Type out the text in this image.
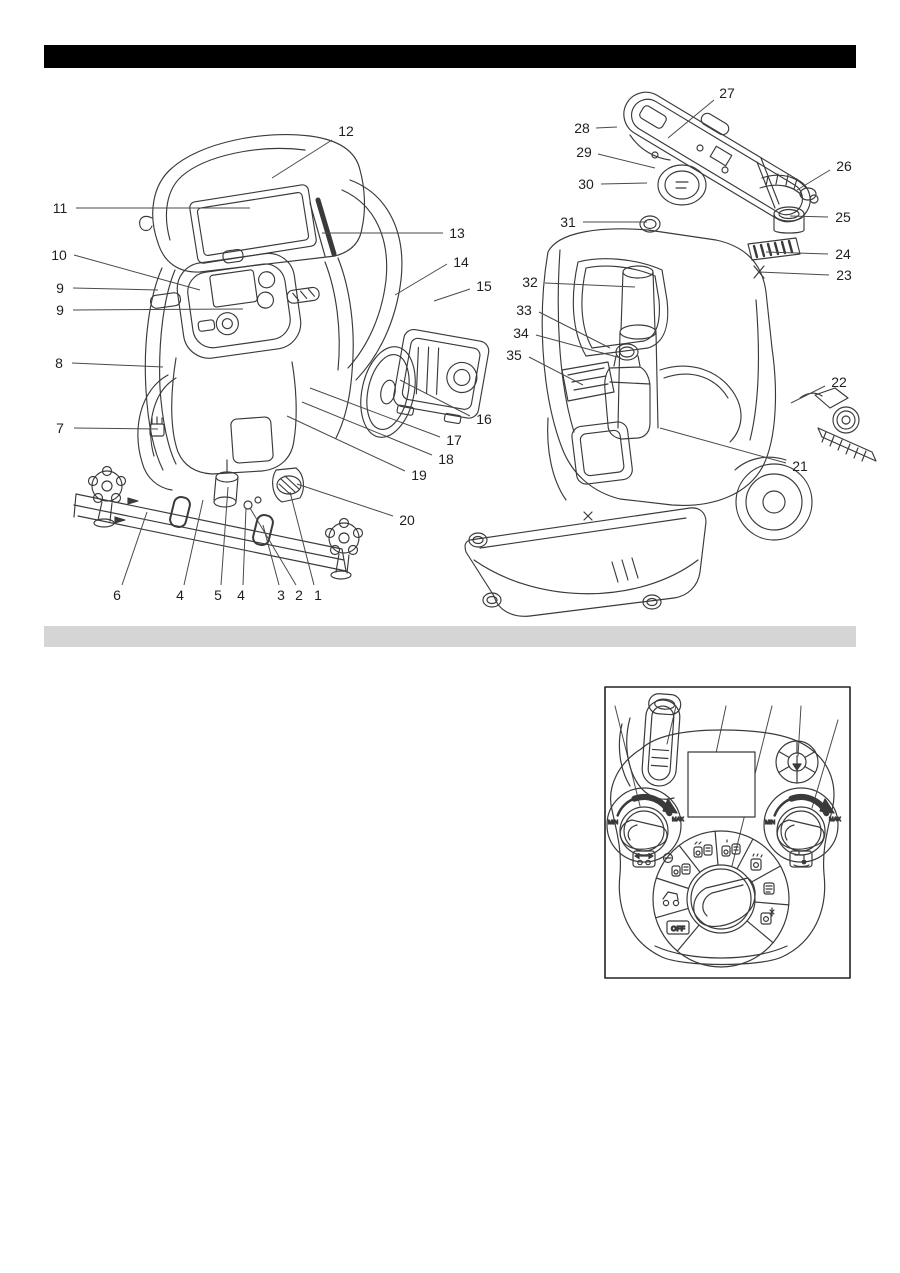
12
11
13
10	14
15
9
9
8
16
7
17
18
19
20
6	4 5 4 3 2 1
27
28
29
30
26
25
31
24
23
32
33
34
35
22
21
OFF
MIN	MAX	MIN	MAX
